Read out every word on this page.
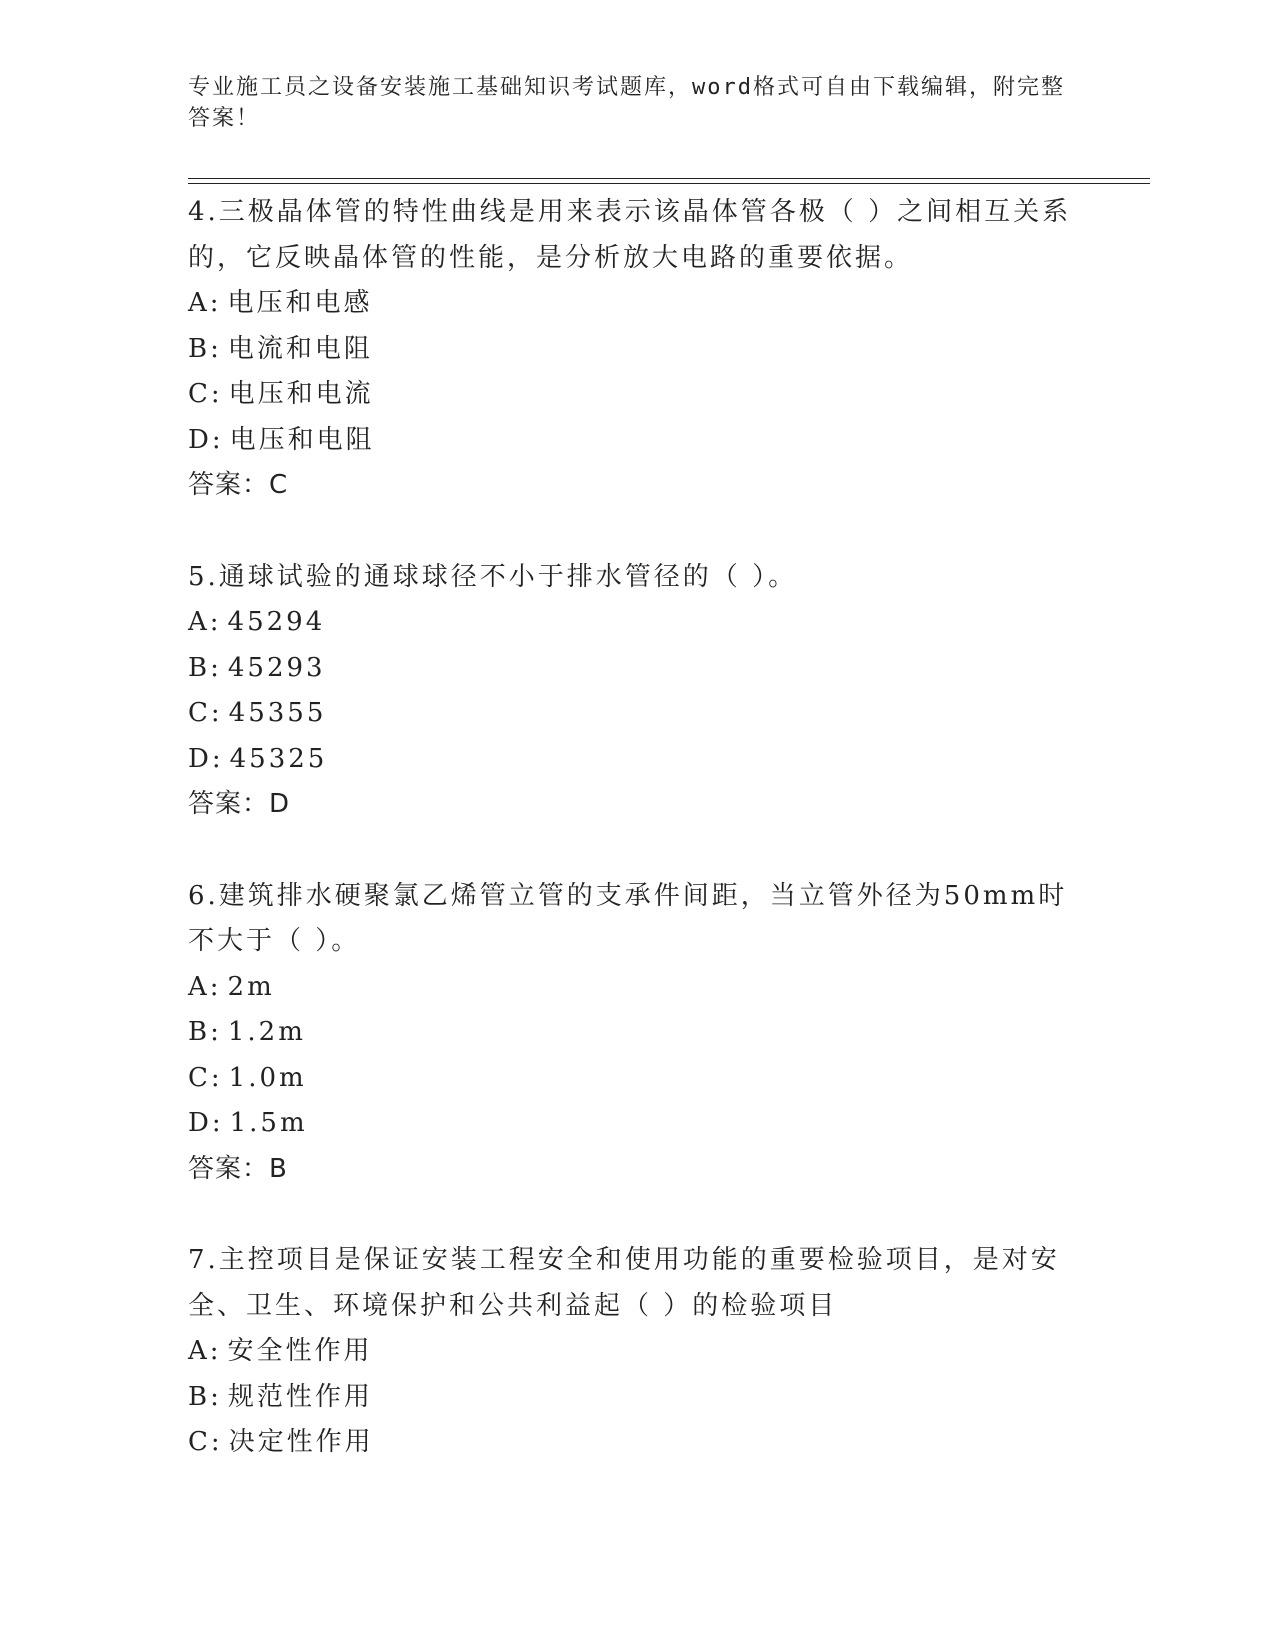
专业施工员之设备安装施工基础知识考试题库，word格式可自由下载编辑，附完整答案！
4.三极晶体管的特性曲线是用来表示该晶体管各极（ ）之间相互关系的，它反映晶体管的性能，是分析放大电路的重要依据。
A: 电压和电感
B: 电流和电阻
C: 电压和电流
D: 电压和电阻
答案：C
5.通球试验的通球球径不小于排水管径的（ ）。
A: 45294
B: 45293
C: 45355
D: 45325
答案：D
6.建筑排水硬聚氯乙烯管立管的支承件间距，当立管外径为50mm时不大于（ ）。
A: 2m
B: 1.2m
C: 1.0m
D: 1.5m
答案：B
7.主控项目是保证安装工程安全和使用功能的重要检验项目，是对安全、卫生、环境保护和公共利益起（ ）的检验项目
A: 安全性作用
B: 规范性作用
C: 决定性作用
